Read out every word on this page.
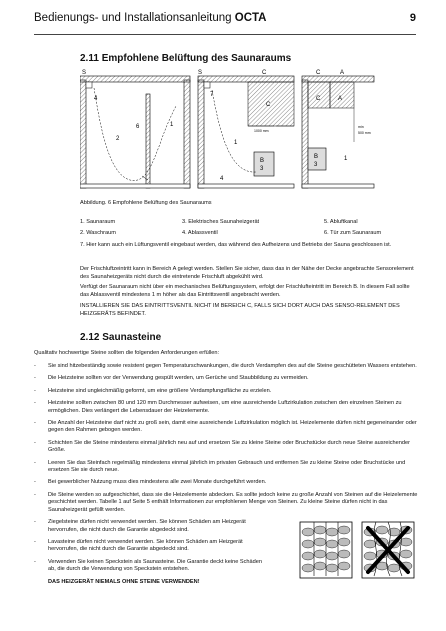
Bedienungs- und Installationsanleitung OCTA	9
2.11 Empfohlene Belüftung des Saunaraums
S
4
2
6	1
S	C
7
C
1000 mm
1
B
3
4
C	A
C	A
min
500 mm
B
3
1
Abbildung. 6 Empfohlene Belüftung des Saunaraums
1. Saunaraum	3. Elektrisches Saunaheizgerät	5. Abluftkanal
2. Waschraum	4. Ablassventil	6. Tür zum Saunaraum
7. Hier kann auch ein Lüftungsventil eingebaut werden, das während des Aufheizens und Betriebs der Sauna geschlossen ist.
Der Frischluftzeintritt kann in Bereich A gelegt werden. Stellen Sie sicher, dass das in der Nähe der Decke angebrachte Sensorelement des Saunaheizgeräts nicht durch die eintretende Frischluft abgekühlt wird.
Verfügt der Saunaraum nicht über ein mechanisches Belüftungssystem, erfolgt der Frischlufteintritt im Bereich B. In diesem Fall sollte das Ablassventil mindestens 1 m höher als das Eintrittsventil angebracht werden.
INSTALLIEREN SIE DAS EINTRITTSVENTIL NICHT IM BEREICH C, FALLS SICH DORT AUCH DAS SENSO-RELEMENT DES HEIZGERÄTS BEFINDET.
2.12 Saunasteine
Qualitativ hochwertige Steine sollten die folgenden Anforderungen erfüllen:
- Sie sind hitzebeständig sowie resistent gegen Temperaturschwankungen, die durch Verdampfen des auf die Steine geschütteten Wassers entstehen.
- Die Heizsteine sollten vor der Verwendung gespült werden, um Gerüche und Staubbildung zu vermeiden.
- Heizsteine sind ungleichmäßig geformt, um eine größere Verdampfungsfläche zu erzielen.
- Heizsteine sollten zwischen 80 und 120 mm Durchmesser aufweisen, um eine ausreichende Luftzirkulation zwischen den einzelnen Steinen zu ermöglichen. Dies verlängert die Lebensdauer der Heizelemente.
- Die Anzahl der Heizsteine darf nicht zu groß sein, damit eine ausreichende Luftzirkulation möglich ist. Heizelemente dürfen nicht gegeneinander oder gegen den Rahmen gebogen werden.
- Schichten Sie die Steine mindestens einmal jährlich neu auf und ersetzen Sie zu kleine Steine oder Bruchstücke durch neue Steine ausreichender Größe.
- Leeren Sie das Steinfach regelmäßig mindestens einmal jährlich im privaten Gebrauch und entfernen Sie zu kleine Steine oder Bruchstücke und ersetzen Sie sie durch neue.
- Bei gewerblicher Nutzung muss dies mindestens alle zwei Monate durchgeführt werden.
- Die Steine werden so aufgeschichtet, dass sie die Heizelemente abdecken. Es sollte jedoch keine zu große Anzahl von Steinen auf die Heizelemente geschichtet werden. Tabelle 1 auf Seite 5 enthält Informationen zur empfohlenen Menge von Steinen. Zu kleine Steine dürfen nicht in das Saunaheizgerät gefüllt werden.
- Ziegelsteine dürfen nicht verwendet werden. Sie können Schäden am Heizgerät hervorrufen, die nicht durch die Garantie abgedeckt sind.
- Lavasteine dürfen nicht verwendet werden. Sie können Schäden am Heizgerät hervorrufen, die nicht durch die Garantie abgedeckt sind.
- Verwenden Sie keinen Speckstein als Saunasteine. Die Garantie deckt keine Schäden ab, die durch die Verwendung von Speckstein entstehen.
DAS HEIZGERÄT NIEMALS OHNE STEINE VERWENDEN!
